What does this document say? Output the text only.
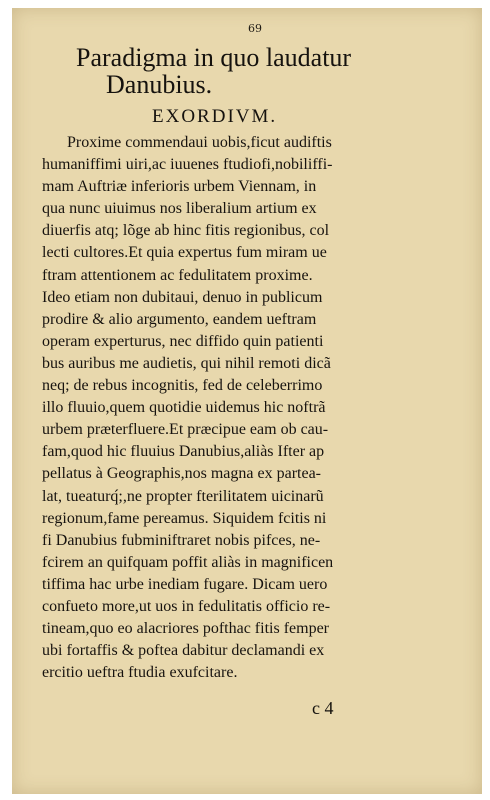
69
Paradigma in quo laudatur
Danubius.
EXORDIVM.
Proxime commendaui uobis,ficut audiftis
humaniffimi uiri,ac iuuenes ftudiofi,nobiliffi-
mam Auftriæ inferioris urbem Viennam, in
qua nunc uiuimus nos liberalium artium ex
diuerfis atq; lõge ab hinc fitis regionibus, col
lecti cultores.Et quia expertus fum miram ue
ftram attentionem ac fedulitatem proxime.
Ideo etiam non dubitaui, denuo in publicum
prodire & alio argumento, eandem ueftram
operam experturus, nec diffido quin patienti
bus auribus me audietis, qui nihil remoti dicã
neq; de rebus incognitis, fed de celeberrimo
illo fluuio,quem quotidie uidemus hic noftrã
urbem præterfluere.Et præcipue eam ob cau-
fam,quod hic fluuius Danubius,aliàs Ifter ap
pellatus à Geographis,nos magna ex partea-
lat, tueaturq́;,ne propter fterilitatem uicinarũ
regionum,fame pereamus. Siquidem fcitis ni
fi Danubius fubminiftraret nobis pifces, ne-
fcirem an quifquam poffit aliàs in magnificen
tiffima hac urbe inediam fugare. Dicam uero
confueto more,ut uos in fedulitatis officio re-
tineam,quo eo alacriores pofthac fitis femper
ubi fortaffis & poftea dabitur declamandi ex
ercitio ueftra ftudia exufcitare.
c 4
